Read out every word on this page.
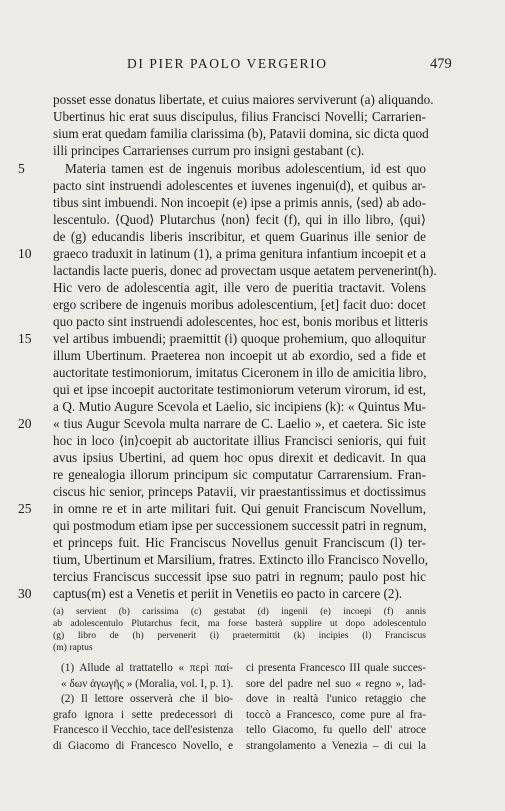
DI PIER PAOLO VERGERIO	479
posset esse donatus libertate, et cuius maiores serviverunt (a) aliquando.
Ubertinus hic erat suus discipulus, filius Francisci Novelli; Carrarien-
sium erat quedam familia clarissima (b), Patavii domina, sic dicta quod
illi principes Carrarienses currum pro insigni gestabant (c).
Materia tamen est de ingenuis moribus adolescentium, id est quo
pacto sint instruendi adolescentes et iuvenes ingenui(d), et quibus ar-
tibus sint imbuendi. Non incoepit (e) ipse a primis annis, ⟨sed⟩ ab ado-
lescentulo. ⟨Quod⟩ Plutarchus ⟨non⟩ fecit (f), qui in illo libro, ⟨qui⟩
de (g) educandis liberis inscribitur, et quem Guarinus ille senior de
graeco traduxit in latinum (1), a prima genitura infantium incoepit et a
lactandis lacte pueris, donec ad provectam usque aetatem pervenerint(h).
Hic vero de adolescentia agit, ille vero de pueritia tractavit. Volens
ergo scribere de ingenuis moribus adolescentium, [et] facit duo: docet
quo pacto sint instruendi adolescentes, hoc est, bonis moribus et litteris
vel artibus imbuendi; praemittit (i) quoque prohemium, quo alloquitur
illum Ubertinum. Praeterea non incoepit ut ab exordio, sed a fide et
auctoritate testimoniorum, imitatus Ciceronem in illo de amicitia libro,
qui et ipse incoepit auctoritate testimoniorum veterum virorum, id est,
a Q. Mutio Augure Scevola et Laelio, sic incipiens (k): « Quintus Mu-
« tius Augur Scevola multa narrare de C. Laelio », et caetera. Sic iste
hoc in loco ⟨in⟩coepit ab auctoritate illius Francisci senioris, qui fuit
avus ipsius Ubertini, ad quem hoc opus direxit et dedicavit. In qua
re genealogia illorum principum sic computatur Carrarensium. Fran-
ciscus hic senior, princeps Patavii, vir praestantissimus et doctissimus
in omne re et in arte militari fuit. Qui genuit Franciscum Novellum,
qui postmodum etiam ipse per successionem successit patri in regnum,
et princeps fuit. Hic Franciscus Novellus genuit Franciscum (l) ter-
tium, Ubertinum et Marsilium, fratres. Extincto illo Francisco Novello,
tercius Franciscus successit ipse suo patri in regnum; paulo post hic
captus(m) est a Venetis et periit in Venetiis eo pacto in carcere (2).
5
10
15
20
25
30
(a) servient (b) carissima (c) gestabat (d) ingenii (e) incoepi (f) annis
ab adolescentulo Plutarchus fecit, ma forse basterà supplire ut dopo adolescentulo
(g) libro de (h) pervenerit (i) praetermittit (k) incipies (l) Franciscus
(m) raptus
(1) Allude al trattatello « περὶ παί-
« δων ἀγωγῆς » (Moralia, vol. I, p. 1).
(2) Il lettore osserverà che il bio-
grafo ignora i sette predecessori di
Francesco il Vecchio, tace dell'esistenza
di Giacomo di Francesco Novello, e
ci presenta Francesco III quale succes-
sore del padre nel suo « regno », lad-
dove in realtà l'unico retaggio che
toccò a Francesco, come pure al fra-
tello Giacomo, fu quello dell' atroce
strangolamento a Venezia – di cui la
